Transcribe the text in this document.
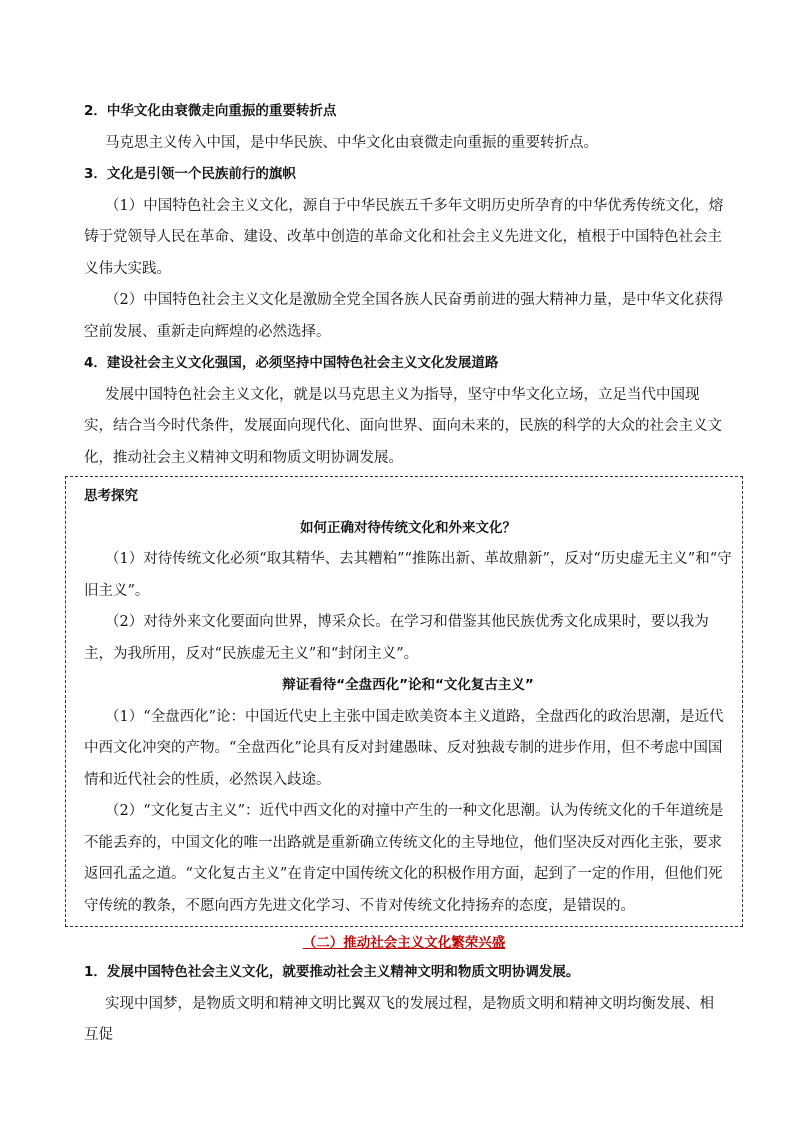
2．中华文化由衰微走向重振的重要转折点

马克思主义传入中国，是中华民族、中华文化由衰微走向重振的重要转折点。

3．文化是引领一个民族前行的旗帜

（1）中国特色社会主义文化，源自于中华民族五千多年文明历史所孕育的中华优秀传统文化，熔铸于党领导人民在革命、建设、改革中创造的革命文化和社会主义先进文化，植根于中国特色社会主义伟大实践。

（2）中国特色社会主义文化是激励全党全国各族人民奋勇前进的强大精神力量，是中华文化获得空前发展、重新走向辉煌的必然选择。

4．建设社会主义文化强国，必须坚持中国特色社会主义文化发展道路

发展中国特色社会主义文化，就是以马克思主义为指导，坚守中华文化立场，立足当代中国现实，结合当今时代条件，发展面向现代化、面向世界、面向未来的，民族的科学的大众的社会主义文化，推动社会主义精神文明和物质文明协调发展。

思考探究

如何正确对待传统文化和外来文化？

（1）对待传统文化必须“取其精华、去其糟粕”“推陈出新、革故鼎新”，反对“历史虚无主义”和“守旧主义”。

（2）对待外来文化要面向世界，博采众长。在学习和借鉴其他民族优秀文化成果时，要以我为主，为我所用，反对“民族虚无主义”和“封闭主义”。

辩证看待“全盘西化”论和“文化复古主义”

（1）“全盘西化”论：中国近代史上主张中国走欧美资本主义道路，全盘西化的政治思潮，是近代中西文化冲突的产物。“全盘西化”论具有反对封建愚昧、反对独裁专制的进步作用，但不考虑中国国情和近代社会的性质，必然误入歧途。

（2）“文化复古主义”：近代中西文化的对撞中产生的一种文化思潮。认为传统文化的千年道统是不能丢弃的，中国文化的唯一出路就是重新确立传统文化的主导地位，他们坚决反对西化主张，要求返回孔孟之道。“文化复古主义”在肯定中国传统文化的积极作用方面，起到了一定的作用，但他们死守传统的教条，不愿向西方先进文化学习、不肯对传统文化持扬弃的态度，是错误的。

（二）推动社会主义文化繁荣兴盛

1．发展中国特色社会主义文化，就要推动社会主义精神文明和物质文明协调发展。

实现中国梦，是物质文明和精神文明比翼双飞的发展过程，是物质文明和精神文明均衡发展、相互促
